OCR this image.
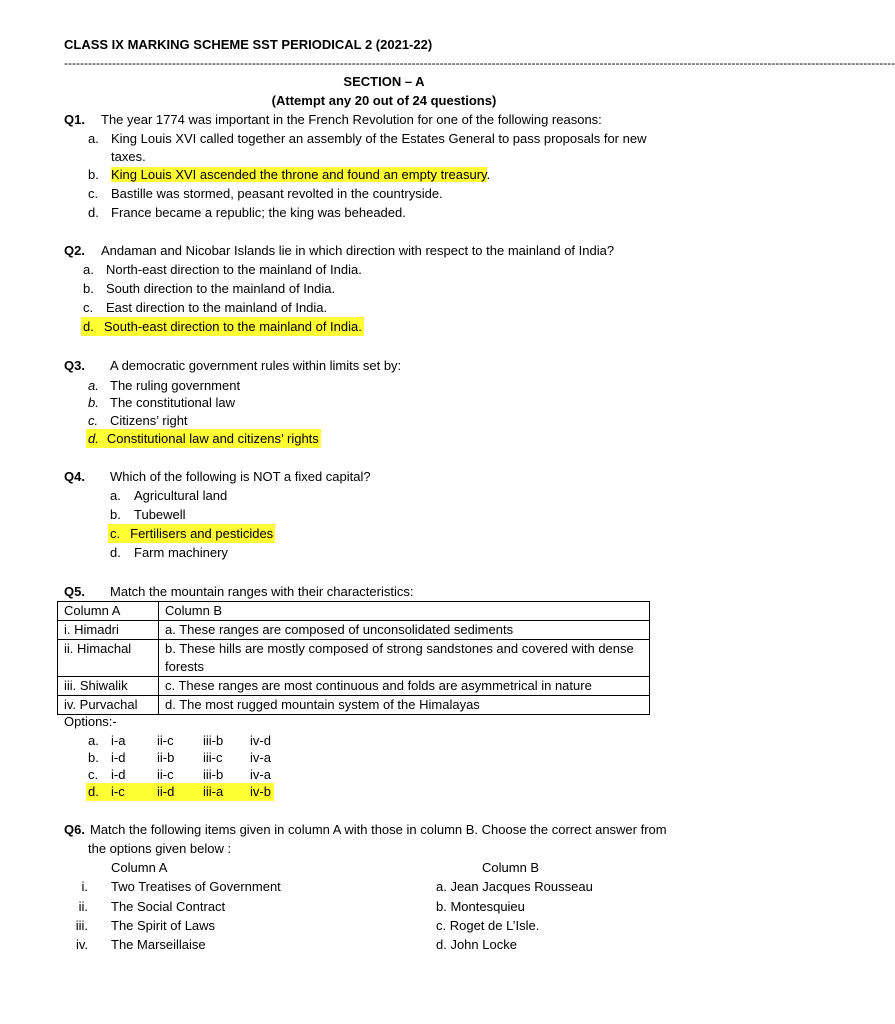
CLASS IX MARKING SCHEME SST PERIODICAL 2 (2021-22)
----------------------------------------------------------------------------------------------------------------------------------------------------------------------------------------------------------------
SECTION – A
(Attempt any 20 out of 24 questions)
Q1. The year 1774 was important in the French Revolution for one of the following reasons:
a. King Louis XVI called together an assembly of the Estates General to pass proposals for new
taxes.
b. King Louis XVI ascended the throne and found an empty treasury.
c. Bastille was stormed, peasant revolted in the countryside.
d. France became a republic; the king was beheaded.
Q2. Andaman and Nicobar Islands lie in which direction with respect to the mainland of India?
a. North-east direction to the mainland of India.
b. South direction to the mainland of India.
c. East direction to the mainland of India.
d. South-east direction to the mainland of India.
Q3. A democratic government rules within limits set by:
a. The ruling government
b. The constitutional law
c. Citizens’ right
d. Constitutional law and citizens’ rights
Q4. Which of the following is NOT a fixed capital?
a. Agricultural land
b. Tubewell
c. Fertilisers and pesticides
d. Farm machinery
Q5. Match the mountain ranges with their characteristics:
Column A	Column B
i. Himadri	a. These ranges are composed of unconsolidated sediments
ii. Himachal	b. These hills are mostly composed of strong sandstones and covered with dense forests
iii. Shiwalik	c. These ranges are most continuous and folds are asymmetrical in nature
iv. Purvachal	d. The most rugged mountain system of the Himalayas
Options:-
a. i-a ii-c iii-b iv-d
b. i-d ii-b iii-c iv-a
c. i-d ii-c iii-b iv-a
d. i-c ii-d iii-a iv-b
Q6. Match the following items given in column A with those in column B. Choose the correct answer from
the options given below :
Column A	Column B
i. Two Treatises of Government	a. Jean Jacques Rousseau
ii. The Social Contract	b. Montesquieu
iii. The Spirit of Laws	c. Roget de L’Isle.
iv. The Marseillaise	d. John Locke
